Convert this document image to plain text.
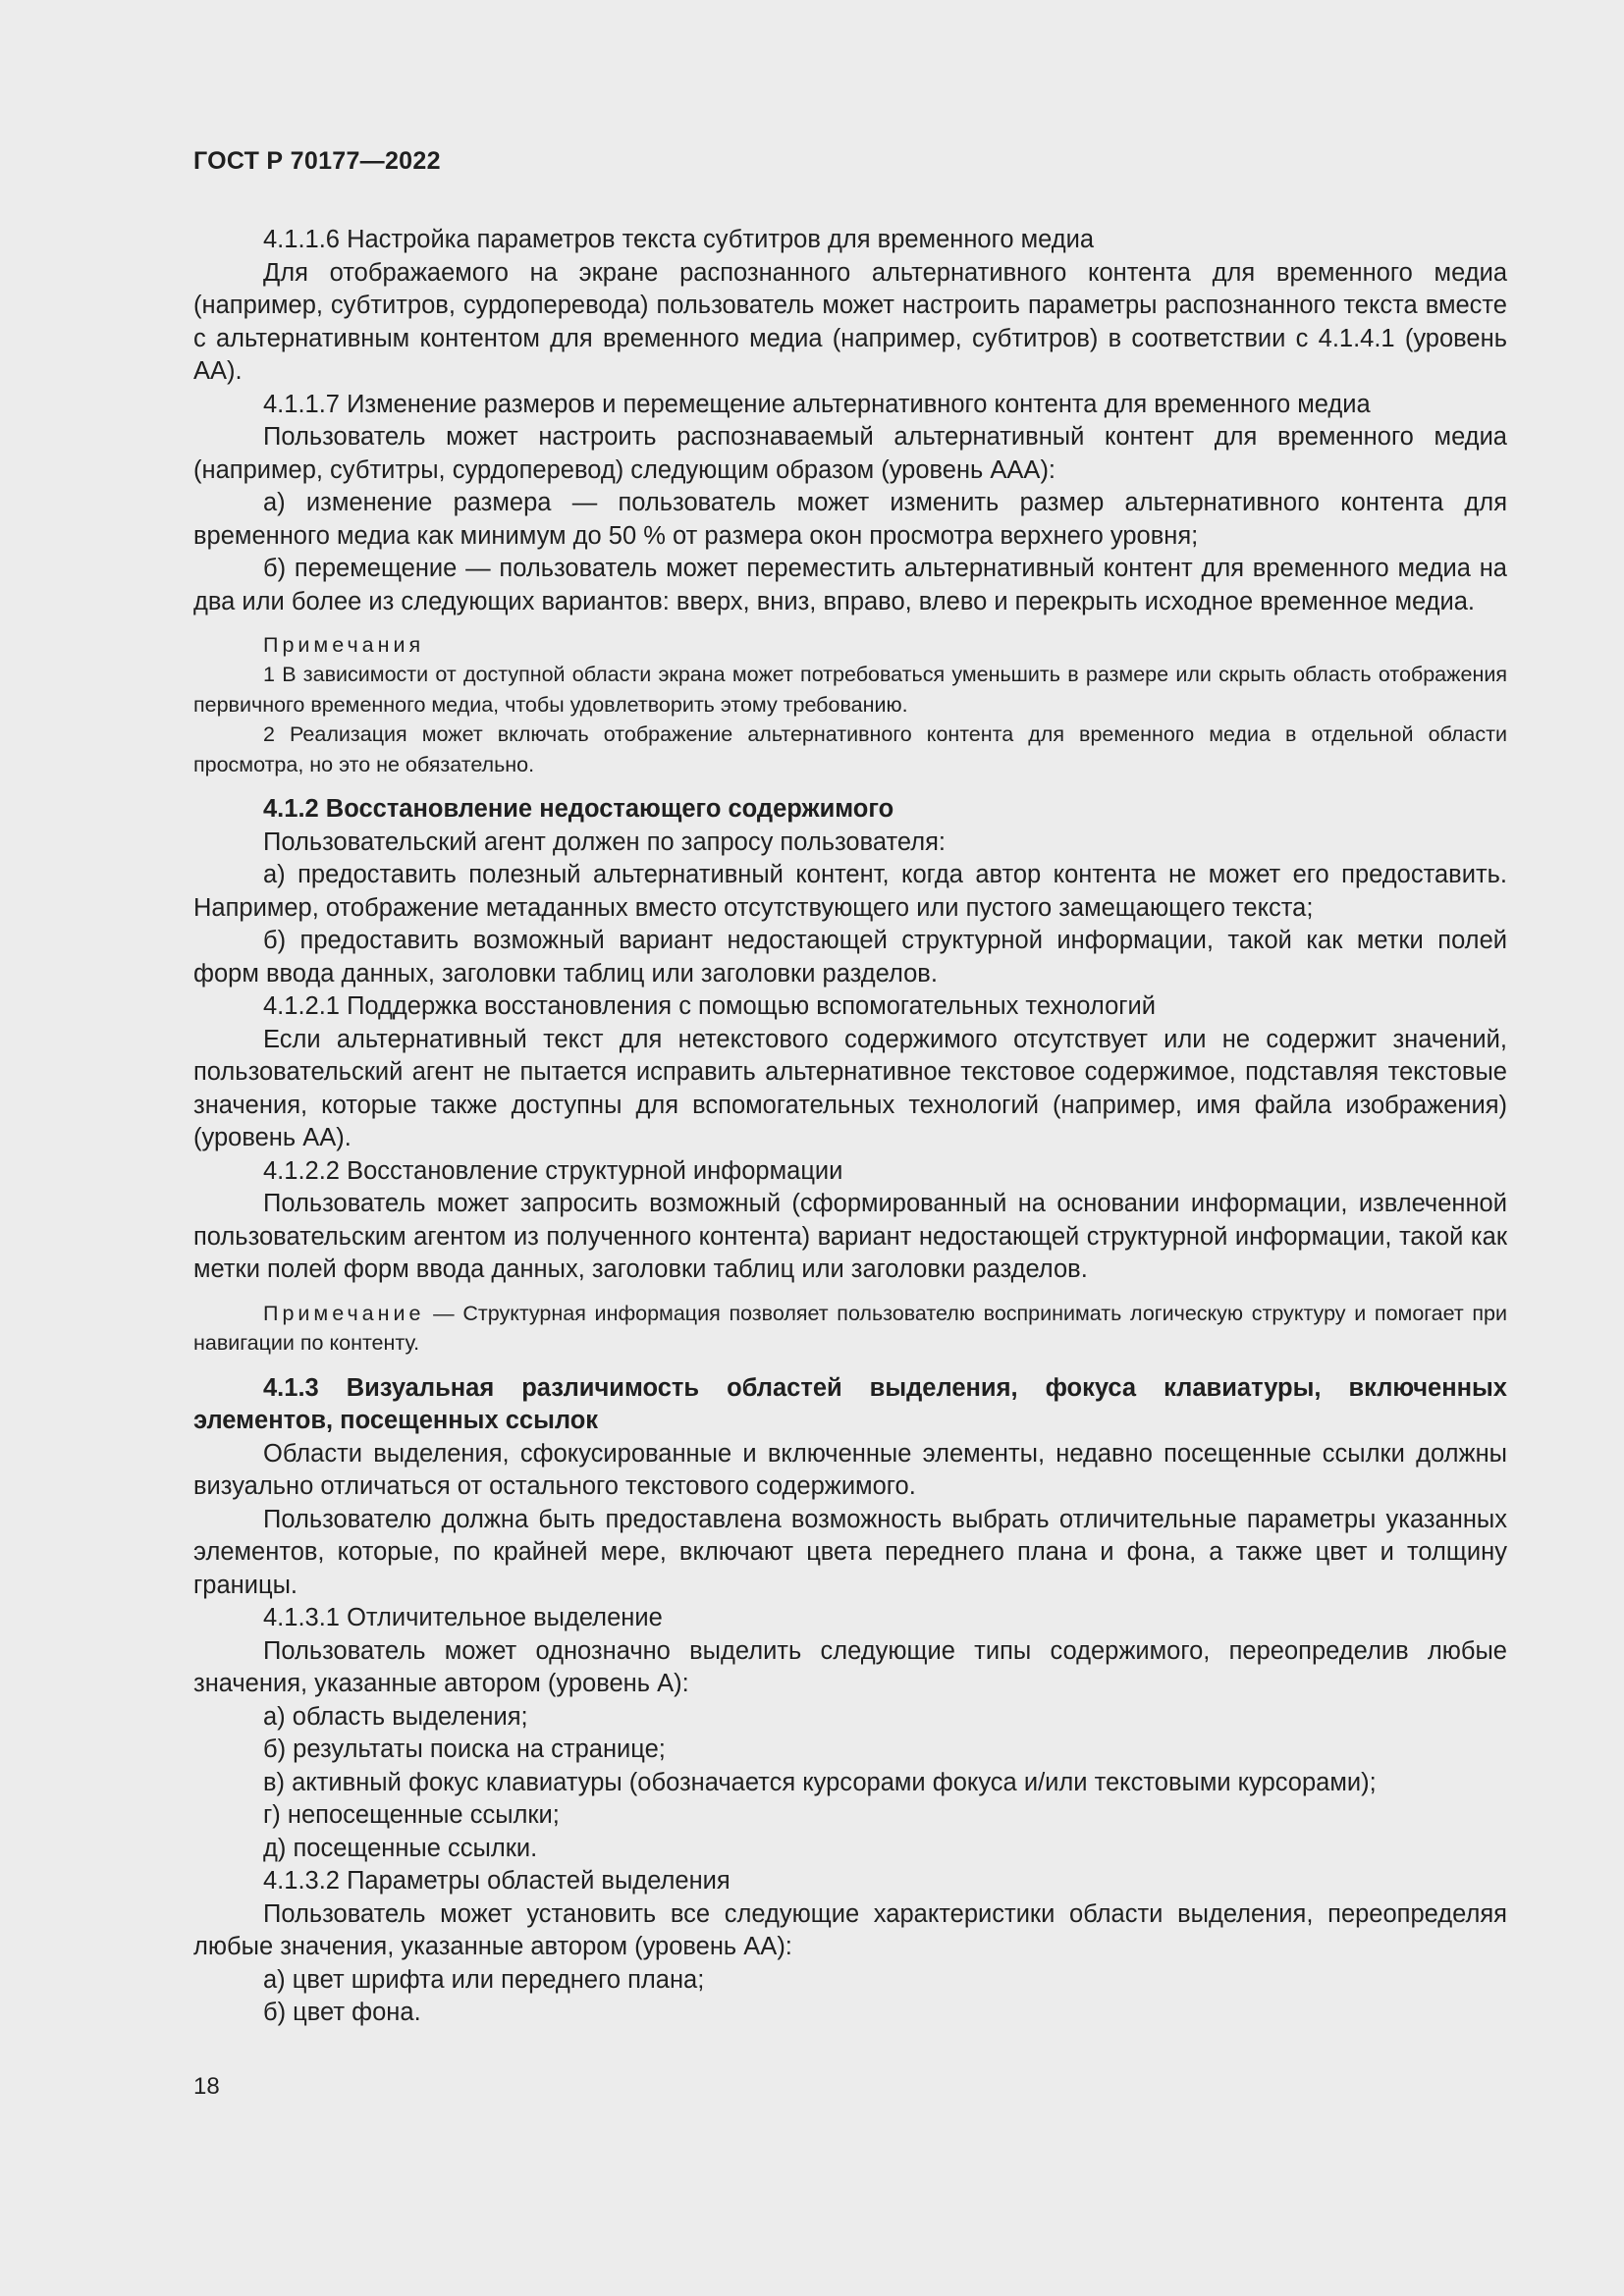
ГОСТ Р 70177—2022

4.1.1.6 Настройка параметров текста субтитров для временного медиа

Для отображаемого на экране распознанного альтернативного контента для временного медиа (например, субтитров, сурдоперевода) пользователь может настроить параметры распознанного текста вместе с альтернативным контентом для временного медиа (например, субтитров) в соответствии с 4.1.4.1 (уровень АА).

4.1.1.7 Изменение размеров и перемещение альтернативного контента для временного медиа

Пользователь может настроить распознаваемый альтернативный контент для временного медиа (например, субтитры, сурдоперевод) следующим образом (уровень ААА):

а) изменение размера — пользователь может изменить размер альтернативного контента для временного медиа как минимум до 50 % от размера окон просмотра верхнего уровня;

б) перемещение — пользователь может переместить альтернативный контент для временного медиа на два или более из следующих вариантов: вверх, вниз, вправо, влево и перекрыть исходное временное медиа.

Примечания

1 В зависимости от доступной области экрана может потребоваться уменьшить в размере или скрыть область отображения первичного временного медиа, чтобы удовлетворить этому требованию.

2 Реализация может включать отображение альтернативного контента для временного медиа в отдельной области просмотра, но это не обязательно.

4.1.2 Восстановление недостающего содержимого

Пользовательский агент должен по запросу пользователя:

а) предоставить полезный альтернативный контент, когда автор контента не может его предоставить. Например, отображение метаданных вместо отсутствующего или пустого замещающего текста;

б) предоставить возможный вариант недостающей структурной информации, такой как метки полей форм ввода данных, заголовки таблиц или заголовки разделов.

4.1.2.1 Поддержка восстановления с помощью вспомогательных технологий

Если альтернативный текст для нетекстового содержимого отсутствует или не содержит значений, пользовательский агент не пытается исправить альтернативное текстовое содержимое, подставляя текстовые значения, которые также доступны для вспомогательных технологий (например, имя файла изображения) (уровень АА).

4.1.2.2 Восстановление структурной информации

Пользователь может запросить возможный (сформированный на основании информации, извлеченной пользовательским агентом из полученного контента) вариант недостающей структурной информации, такой как метки полей форм ввода данных, заголовки таблиц или заголовки разделов.

Примечание — Структурная информация позволяет пользователю воспринимать логическую структуру и помогает при навигации по контенту.

4.1.3 Визуальная различимость областей выделения, фокуса клавиатуры, включенных элементов, посещенных ссылок

Области выделения, сфокусированные и включенные элементы, недавно посещенные ссылки должны визуально отличаться от остального текстового содержимого.

Пользователю должна быть предоставлена возможность выбрать отличительные параметры указанных элементов, которые, по крайней мере, включают цвета переднего плана и фона, а также цвет и толщину границы.

4.1.3.1 Отличительное выделение

Пользователь может однозначно выделить следующие типы содержимого, переопределив любые значения, указанные автором (уровень А):

а) область выделения;

б) результаты поиска на странице;

в) активный фокус клавиатуры (обозначается курсорами фокуса и/или текстовыми курсорами);

г) непосещенные ссылки;

д) посещенные ссылки.

4.1.3.2 Параметры областей выделения

Пользователь может установить все следующие характеристики области выделения, переопределяя любые значения, указанные автором (уровень АА):

а) цвет шрифта или переднего плана;

б) цвет фона.

18
